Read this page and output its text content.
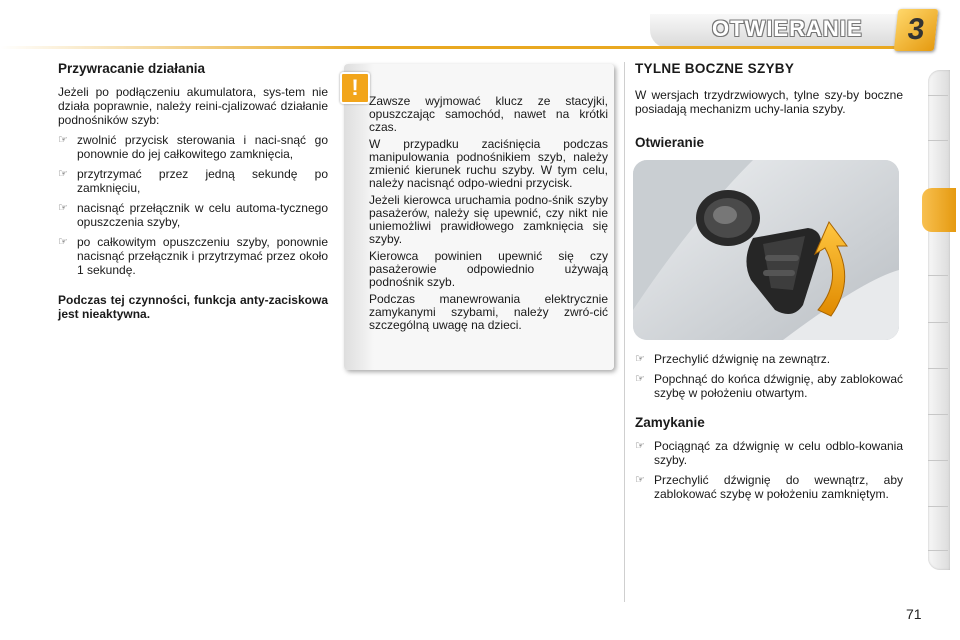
OTWIERANIE	3
Przywracanie działania

Jeżeli po podłączeniu akumulatora, sys-tem nie działa poprawnie, należy reini-cjalizować działanie podnośników szyb:

☞ zwolnić przycisk sterowania i naci-snąć go ponownie do jej całkowitego zamknięcia,
☞ przytrzymać przez jedną sekundę po zamknięciu,
☞ nacisnąć przełącznik w celu automa-tycznego opuszczenia szyby,
☞ po całkowitym opuszczeniu szyby, ponownie nacisnąć przełącznik i przytrzymać przez około 1 sekundę.

Podczas tej czynności, funkcja anty-zaciskowa jest nieaktywna.

!

Zawsze wyjmować klucz ze stacyjki, opuszczając samochód, nawet na krótki czas.

W przypadku zaciśnięcia podczas manipulowania podnośnikiem szyb, należy zmienić kierunek ruchu szyby. W tym celu, należy nacisnąć odpo-wiedni przycisk.

Jeżeli kierowca uruchamia podno-śnik szyby pasażerów, należy się upewnić, czy nikt nie uniemożliwi prawidłowego zamknięcia się szyby.

Kierowca powinien upewnić się czy pasażerowie odpowiednio używają podnośnik szyb.

Podczas manewrowania elektrycznie zamykanymi szybami, należy zwró-cić szczególną uwagę na dzieci.

TYLNE BOCZNE SZYBY

W wersjach trzydrzwiowych, tylne szy-by boczne posiadają mechanizm uchy-lania szyby.

Otwieranie
☞ Przechylić dźwignię na zewnątrz.
☞ Popchnąć do końca dźwignię, aby zablokować szybę w położeniu otwartym.
Zamykanie
☞ Pociągnąć za dźwignię w celu odblo-kowania szyby.
☞ Przechylić dźwignię do wewnątrz, aby zablokować szybę w położeniu zamkniętym.
71
